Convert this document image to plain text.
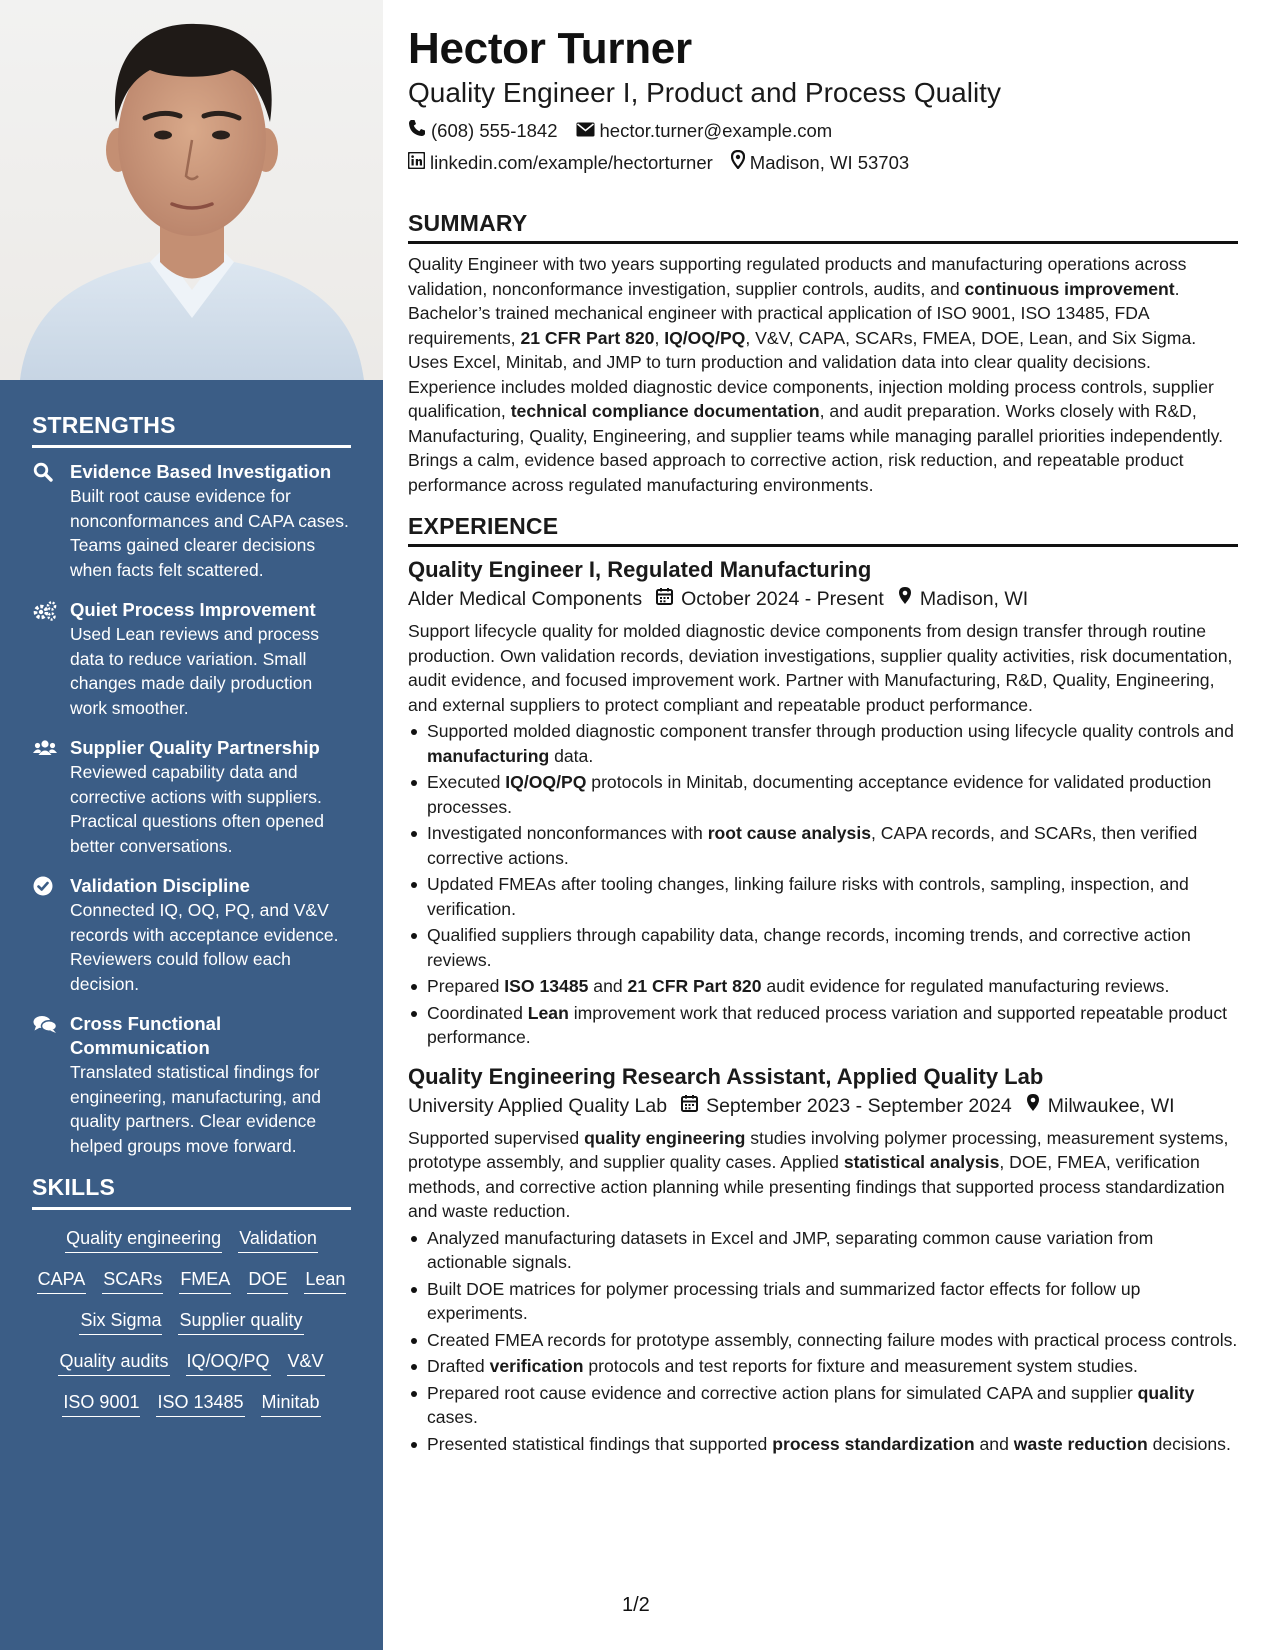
STRENGTHS
Evidence Based Investigation
Built root cause evidence for nonconformances and CAPA cases. Teams gained clearer decisions when facts felt scattered.
Quiet Process Improvement
Used Lean reviews and process data to reduce variation. Small changes made daily production work smoother.
Supplier Quality Partnership
Reviewed capability data and corrective actions with suppliers. Practical questions often opened better conversations.
Validation Discipline
Connected IQ, OQ, PQ, and V&V records with acceptance evidence. Reviewers could follow each decision.
Cross Functional Communication
Translated statistical findings for engineering, manufacturing, and quality partners. Clear evidence helped groups move forward.
SKILLS
Quality engineering Validation
CAPA SCARs FMEA DOE Lean
Six Sigma Supplier quality
Quality audits IQ/OQ/PQ V&V
ISO 9001 ISO 13485 Minitab
Hector Turner
Quality Engineer I, Product and Process Quality
(608) 555-1842 hector.turner@example.com
linkedin.com/example/hectorturner Madison, WI 53703
SUMMARY

Quality Engineer with two years supporting regulated products and manufacturing operations across validation, nonconformance investigation, supplier controls, audits, and continuous improvement. Bachelor’s trained mechanical engineer with practical application of ISO 9001, ISO 13485, FDA requirements, 21 CFR Part 820, IQ/OQ/PQ, V&V, CAPA, SCARs, FMEA, DOE, Lean, and Six Sigma. Uses Excel, Minitab, and JMP to turn production and validation data into clear quality decisions. Experience includes molded diagnostic device components, injection molding process controls, supplier qualification, technical compliance documentation, and audit preparation. Works closely with R&D, Manufacturing, Quality, Engineering, and supplier teams while managing parallel priorities independently. Brings a calm, evidence based approach to corrective action, risk reduction, and repeatable product performance across regulated manufacturing environments.

EXPERIENCE
Quality Engineer I, Regulated Manufacturing
Alder Medical Components October 2024 - Present Madison, WI

Support lifecycle quality for molded diagnostic device components from design transfer through routine production. Own validation records, deviation investigations, supplier quality activities, risk documentation, audit evidence, and focused improvement work. Partner with Manufacturing, R&D, Quality, Engineering, and external suppliers to protect compliant and repeatable product performance.

Supported molded diagnostic component transfer through production using lifecycle quality controls and manufacturing data.
Executed IQ/OQ/PQ protocols in Minitab, documenting acceptance evidence for validated production processes.
Investigated nonconformances with root cause analysis, CAPA records, and SCARs, then verified corrective actions.
Updated FMEAs after tooling changes, linking failure risks with controls, sampling, inspection, and verification.
Qualified suppliers through capability data, change records, incoming trends, and corrective action reviews.
Prepared ISO 13485 and 21 CFR Part 820 audit evidence for regulated manufacturing reviews.
Coordinated Lean improvement work that reduced process variation and supported repeatable product performance.
Quality Engineering Research Assistant, Applied Quality Lab
University Applied Quality Lab September 2023 - September 2024 Milwaukee, WI

Supported supervised quality engineering studies involving polymer processing, measurement systems, prototype assembly, and supplier quality cases. Applied statistical analysis, DOE, FMEA, verification methods, and corrective action planning while presenting findings that supported process standardization and waste reduction.

Analyzed manufacturing datasets in Excel and JMP, separating common cause variation from actionable signals.
Built DOE matrices for polymer processing trials and summarized factor effects for follow up experiments.
Created FMEA records for prototype assembly, connecting failure modes with practical process controls.
Drafted verification protocols and test reports for fixture and measurement system studies.
Prepared root cause evidence and corrective action plans for simulated CAPA and supplier quality cases.
Presented statistical findings that supported process standardization and waste reduction decisions.
1/2
